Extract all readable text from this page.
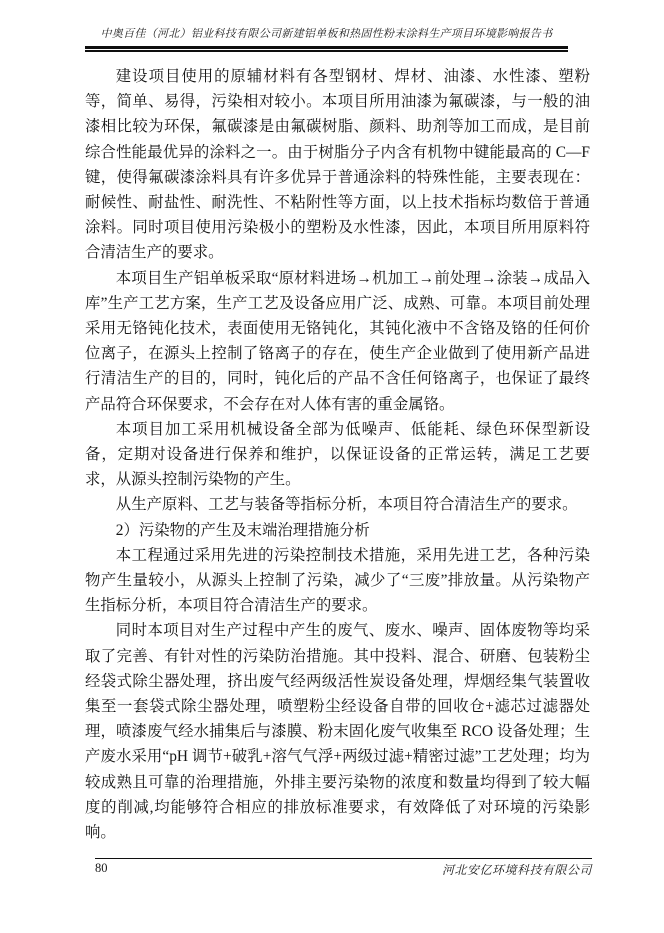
中奥百佳（河北）铝业科技有限公司新建铝单板和热固性粉末涂料生产项目环境影响报告书

建设项目使用的原辅材料有各型钢材、焊材、油漆、水性漆、塑粉等，简单、易得，污染相对较小。本项目所用油漆为氟碳漆，与一般的油漆相比较为环保，氟碳漆是由氟碳树脂、颜料、助剂等加工而成，是目前综合性能最优异的涂料之一。由于树脂分子内含有机物中键能最高的 C—F 键，使得氟碳漆涂料具有许多优异于普通涂料的特殊性能，主要表现在：耐候性、耐盐性、耐洗性、不粘附性等方面，以上技术指标均数倍于普通涂料。同时项目使用污染极小的塑粉及水性漆，因此，本项目所用原料符合清洁生产的要求。

本项目生产铝单板采取“原材料进场→机加工→前处理→涂装→成品入库”生产工艺方案，生产工艺及设备应用广泛、成熟、可靠。本项目前处理采用无铬钝化技术，表面使用无铬钝化，其钝化液中不含铬及铬的任何价位离子，在源头上控制了铬离子的存在，使生产企业做到了使用新产品进行清洁生产的目的，同时，钝化后的产品不含任何铬离子，也保证了最终产品符合环保要求，不会存在对人体有害的重金属铬。

本项目加工采用机械设备全部为低噪声、低能耗、绿色环保型新设备，定期对设备进行保养和维护，以保证设备的正常运转，满足工艺要求，从源头控制污染物的产生。

从生产原料、工艺与装备等指标分析，本项目符合清洁生产的要求。

2）污染物的产生及末端治理措施分析

本工程通过采用先进的污染控制技术措施，采用先进工艺，各种污染物产生量较小，从源头上控制了污染，减少了“三废”排放量。从污染物产生指标分析，本项目符合清洁生产的要求。

同时本项目对生产过程中产生的废气、废水、噪声、固体废物等均采取了完善、有针对性的污染防治措施。其中投料、混合、研磨、包装粉尘经袋式除尘器处理，挤出废气经两级活性炭设备处理，焊烟经集气装置收集至一套袋式除尘器处理，喷塑粉尘经设备自带的回收仓+滤芯过滤器处理，喷漆废气经水捕集后与漆膜、粉末固化废气收集至 RCO 设备处理；生产废水采用“pH 调节+破乳+溶气气浮+两级过滤+精密过滤”工艺处理；均为较成熟且可靠的治理措施，外排主要污染物的浓度和数量均得到了较大幅度的削减,均能够符合相应的排放标准要求，有效降低了对环境的污染影响。

80	河北安亿环境科技有限公司
